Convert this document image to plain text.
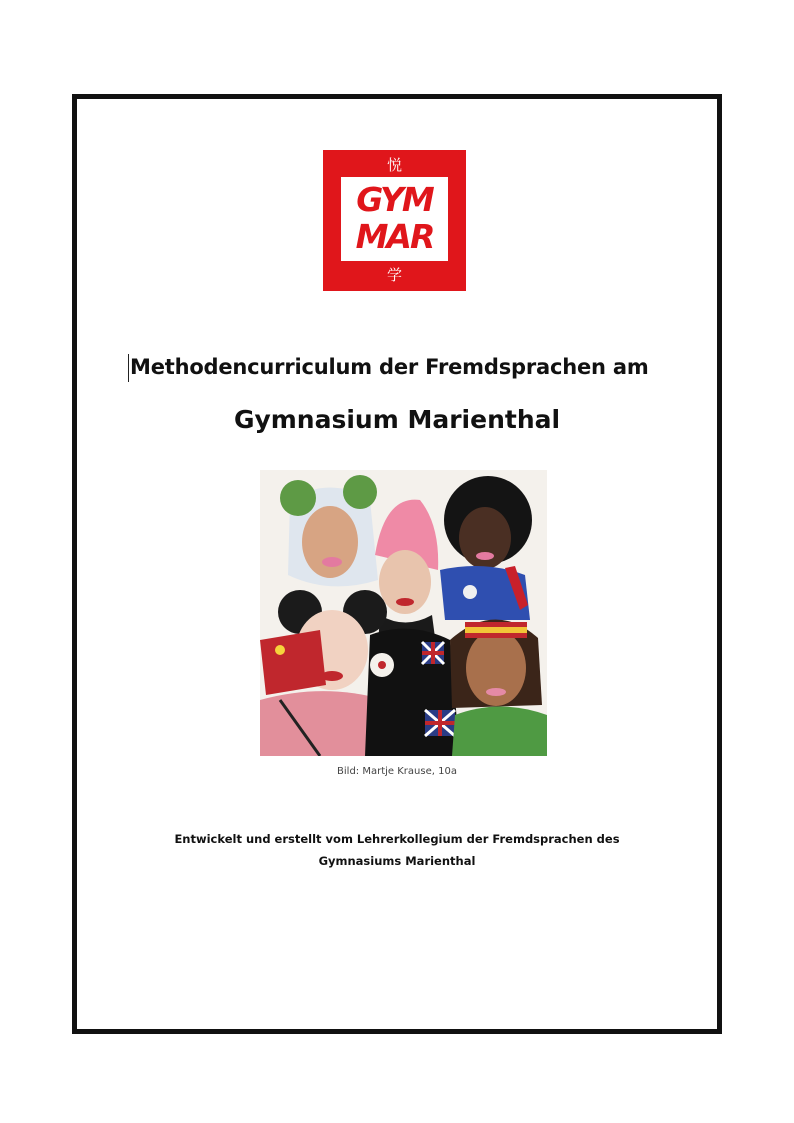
悦
GYM
MAR
学
Methodencurriculum der Fremdsprachen am
Gymnasium Marienthal
Bild: Martje Krause, 10a
Entwickelt und erstellt vom Lehrerkollegium der Fremdsprachen des
Gymnasiums Marienthal
